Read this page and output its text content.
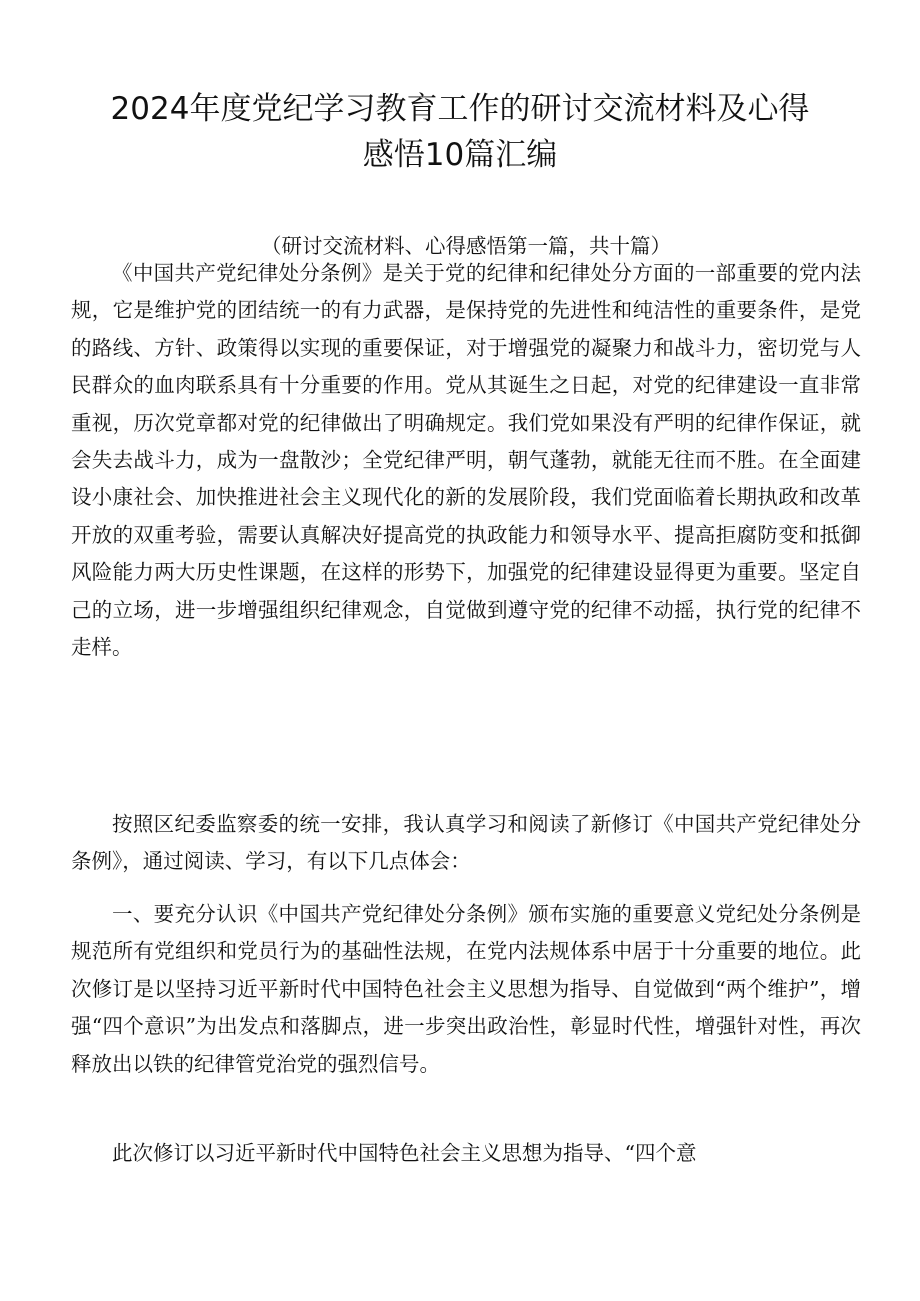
2024年度党纪学习教育工作的研讨交流材料及心得感悟10篇汇编
（研讨交流材料、心得感悟第一篇，共十篇）

《中国共产党纪律处分条例》是关于党的纪律和纪律处分方面的一部重要的党内法规，它是维护党的团结统一的有力武器，是保持党的先进性和纯洁性的重要条件，是党的路线、方针、政策得以实现的重要保证，对于增强党的凝聚力和战斗力，密切党与人民群众的血肉联系具有十分重要的作用。党从其诞生之日起，对党的纪律建设一直非常重视，历次党章都对党的纪律做出了明确规定。我们党如果没有严明的纪律作保证，就会失去战斗力，成为一盘散沙；全党纪律严明，朝气蓬勃，就能无往而不胜。在全面建设小康社会、加快推进社会主义现代化的新的发展阶段，我们党面临着长期执政和改革开放的双重考验，需要认真解决好提高党的执政能力和领导水平、提高拒腐防变和抵御风险能力两大历史性课题，在这样的形势下，加强党的纪律建设显得更为重要。坚定自己的立场，进一步增强组织纪律观念，自觉做到遵守党的纪律不动摇，执行党的纪律不走样。

按照区纪委监察委的统一安排，我认真学习和阅读了新修订《中国共产党纪律处分条例》，通过阅读、学习，有以下几点体会：

一、要充分认识《中国共产党纪律处分条例》颁布实施的重要意义党纪处分条例是规范所有党组织和党员行为的基础性法规，在党内法规体系中居于十分重要的地位。此次修订是以坚持习近平新时代中国特色社会主义思想为指导、自觉做到“两个维护”，增强“四个意识”为出发点和落脚点，进一步突出政治性，彰显时代性，增强针对性，再次释放出以铁的纪律管党治党的强烈信号。

此次修订以习近平新时代中国特色社会主义思想为指导、“四个意
